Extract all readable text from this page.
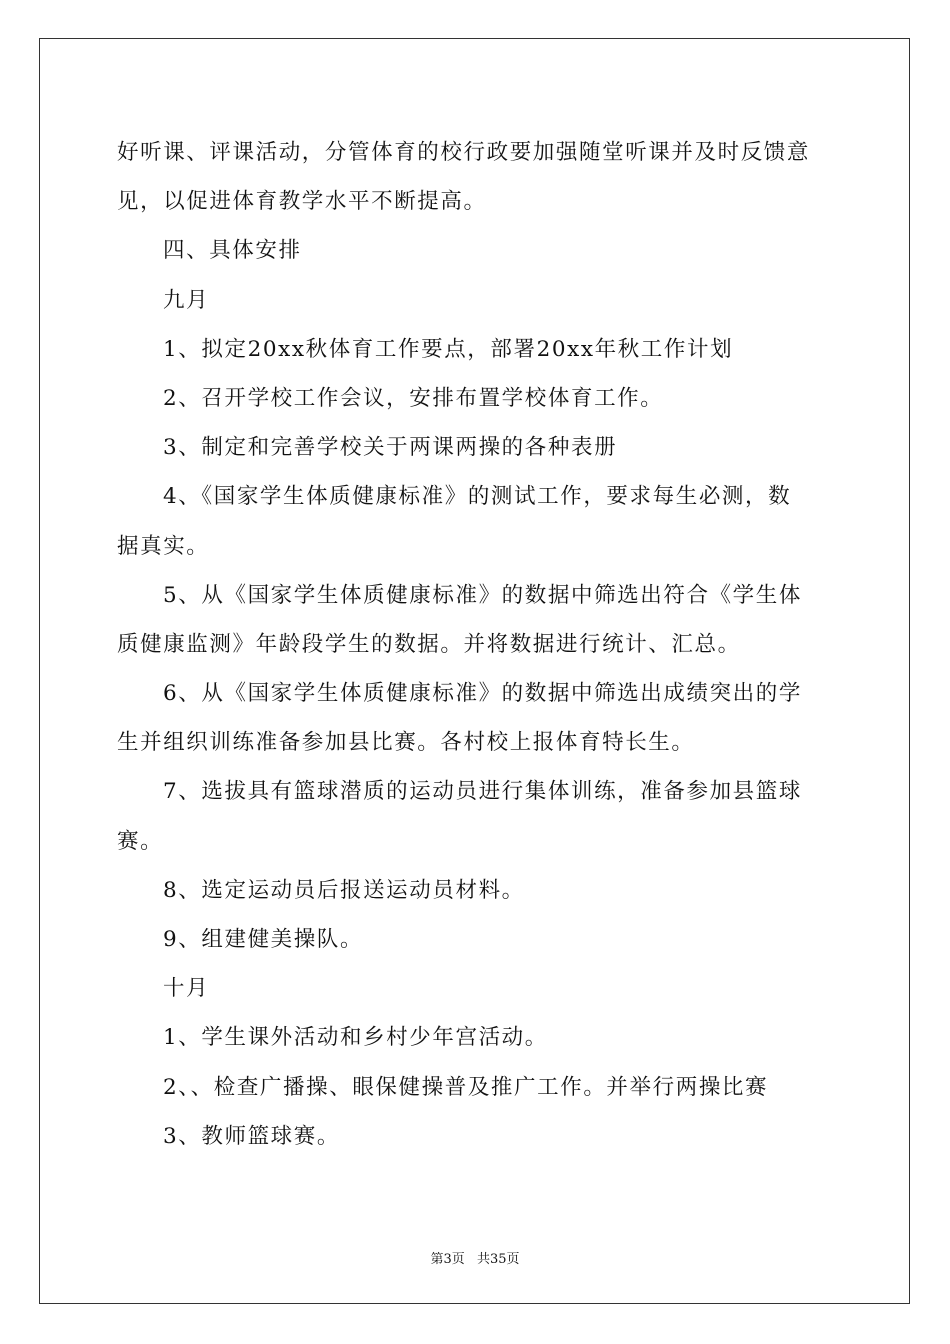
好听课、评课活动，分管体育的校行政要加强随堂听课并及时反馈意
见，以促进体育教学水平不断提高。
四、具体安排
九月
1、拟定20xx秋体育工作要点，部署20xx年秋工作计划
2、召开学校工作会议，安排布置学校体育工作。
3、制定和完善学校关于两课两操的各种表册
4、《国家学生体质健康标准》的测试工作，要求每生必测，数
据真实。
5、从《国家学生体质健康标准》的数据中筛选出符合《学生体
质健康监测》年龄段学生的数据。并将数据进行统计、汇总。
6、从《国家学生体质健康标准》的数据中筛选出成绩突出的学
生并组织训练准备参加县比赛。各村校上报体育特长生。
7、选拔具有篮球潜质的运动员进行集体训练，准备参加县篮球
赛。
8、选定运动员后报送运动员材料。
9、组建健美操队。
十月
1、学生课外活动和乡村少年宫活动。
2、、检查广播操、眼保健操普及推广工作。并举行两操比赛
3、教师篮球赛。
第3页 共35页
